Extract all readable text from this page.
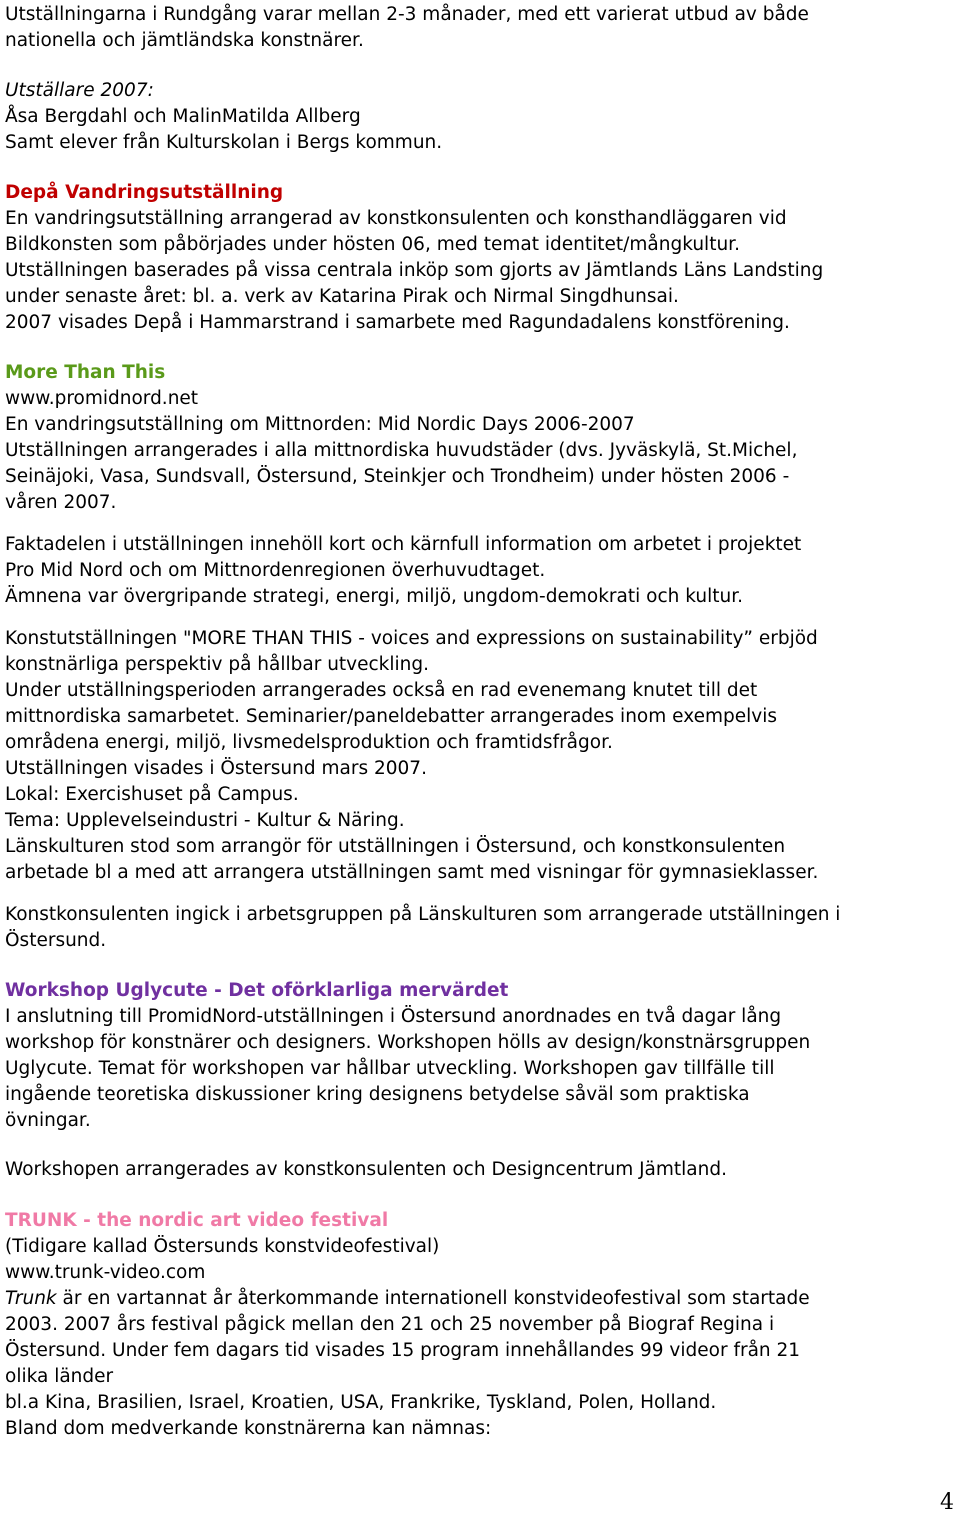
Utställningarna i Rundgång varar mellan 2-3 månader, med ett varierat utbud av både
nationella och jämtländska konstnärer.
Utställare 2007:
Åsa Bergdahl och MalinMatilda Allberg
Samt elever från Kulturskolan i Bergs kommun.
Depå Vandringsutställning
En vandringsutställning arrangerad av konstkonsulenten och konsthandläggaren vid
Bildkonsten som påbörjades under hösten 06, med temat identitet/mångkultur.
Utställningen baserades på vissa centrala inköp som gjorts av Jämtlands Läns Landsting
under senaste året: bl. a. verk av Katarina Pirak och Nirmal Singdhunsai.
2007 visades Depå i Hammarstrand i samarbete med Ragundadalens konstförening.
More Than This
www.promidnord.net
En vandringsutställning om Mittnorden: Mid Nordic Days 2006-2007
Utställningen arrangerades i alla mittnordiska huvudstäder (dvs. Jyväskylä, St.Michel,
Seinäjoki, Vasa, Sundsvall, Östersund, Steinkjer och Trondheim) under hösten 2006 -
våren 2007.
Faktadelen i utställningen innehöll kort och kärnfull information om arbetet i projektet
Pro Mid Nord och om Mittnordenregionen överhuvudtaget.
Ämnena var övergripande strategi, energi, miljö, ungdom-demokrati och kultur.
Konstutställningen "MORE THAN THIS - voices and expressions on sustainability” erbjöd
konstnärliga perspektiv på hållbar utveckling.
Under utställningsperioden arrangerades också en rad evenemang knutet till det
mittnordiska samarbetet. Seminarier/paneldebatter arrangerades inom exempelvis
områdena energi, miljö, livsmedelsproduktion och framtidsfrågor.
Utställningen visades i Östersund mars 2007.
Lokal: Exercishuset på Campus.
Tema: Upplevelseindustri - Kultur & Näring.
Länskulturen stod som arrangör för utställningen i Östersund, och konstkonsulenten
arbetade bl a med att arrangera utställningen samt med visningar för gymnasieklasser.
Konstkonsulenten ingick i arbetsgruppen på Länskulturen som arrangerade utställningen i
Östersund.
Workshop Uglycute - Det oförklarliga mervärdet
I anslutning till PromidNord-utställningen i Östersund anordnades en två dagar lång
workshop för konstnärer och designers. Workshopen hölls av design/konstnärsgruppen
Uglycute. Temat för workshopen var hållbar utveckling. Workshopen gav tillfälle till
ingående teoretiska diskussioner kring designens betydelse såväl som praktiska
övningar.
Workshopen arrangerades av konstkonsulenten och Designcentrum Jämtland.
TRUNK - the nordic art video festival
(Tidigare kallad Östersunds konstvideofestival)
www.trunk-video.com
Trunk är en vartannat år återkommande internationell konstvideofestival som startade
2003. 2007 års festival pågick mellan den 21 och 25 november på Biograf Regina i
Östersund. Under fem dagars tid visades 15 program innehållandes 99 videor från 21
olika länder
bl.a Kina, Brasilien, Israel, Kroatien, USA, Frankrike, Tyskland, Polen, Holland.
Bland dom medverkande konstnärerna kan nämnas:
4
